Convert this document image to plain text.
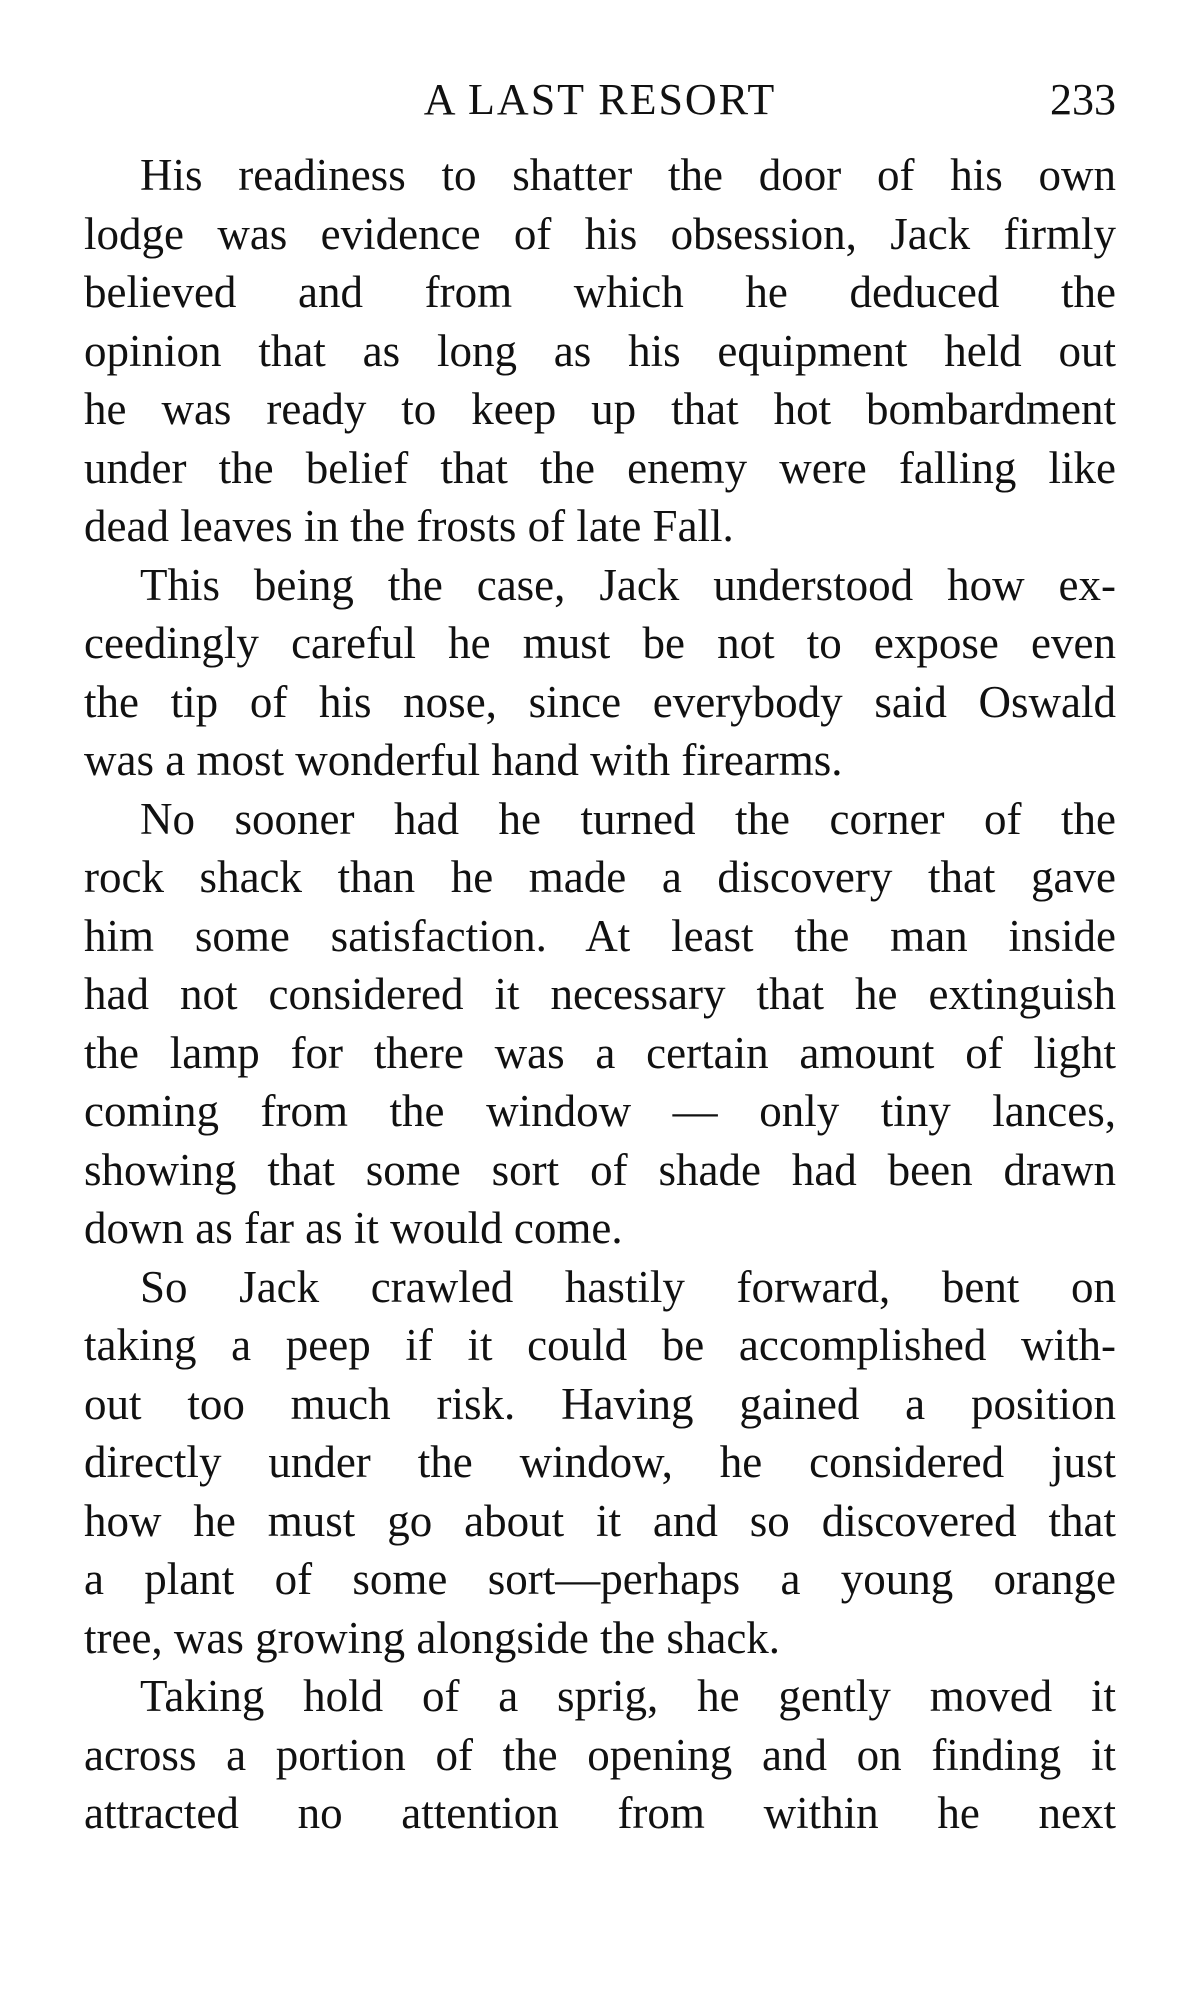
A LAST RESORT	233

His readiness to shatter the door of his own
lodge was evidence of his obsession, Jack firmly
believed and from which he deduced the
opinion that as long as his equipment held out
he was ready to keep up that hot bombardment
under the belief that the enemy were falling like
dead leaves in the frosts of late Fall.

This being the case, Jack understood how ex-
ceedingly careful he must be not to expose even
the tip of his nose, since everybody said Oswald
was a most wonderful hand with firearms.

No sooner had he turned the corner of the
rock shack than he made a discovery that gave
him some satisfaction. At least the man inside
had not considered it necessary that he extinguish
the lamp for there was a certain amount of light
coming from the window — only tiny lances,
showing that some sort of shade had been drawn
down as far as it would come.

So Jack crawled hastily forward, bent on
taking a peep if it could be accomplished with-
out too much risk. Having gained a position
directly under the window, he considered just
how he must go about it and so discovered that
a plant of some sort—perhaps a young orange
tree, was growing alongside the shack.

Taking hold of a sprig, he gently moved it
across a portion of the opening and on finding it
attracted no attention from within he next
